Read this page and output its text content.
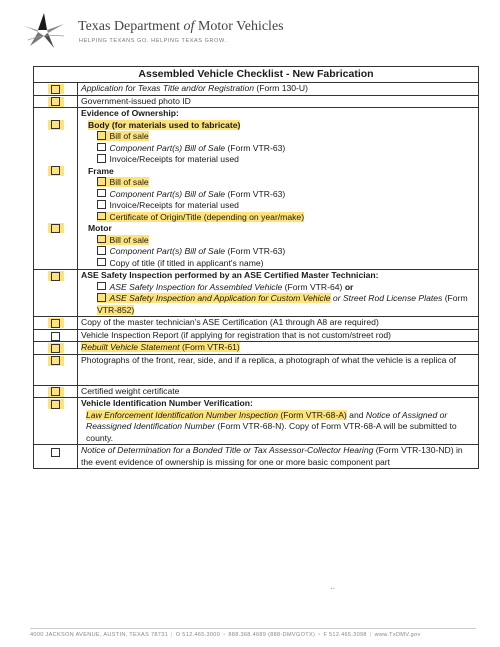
Texas Department of Motor Vehicles
HELPING TEXANS GO. HELPING TEXAS GROW.
Assembled Vehicle Checklist - New Fabrication
Application for Texas Title and/or Registration (Form 130-U)
Government-issued photo ID
Evidence of Ownership:
Body (for materials used to fabricate)
Bill of sale
Component Part(s) Bill of Sale (Form VTR-63)
Invoice/Receipts for material used
Frame
Bill of sale
Component Part(s) Bill of Sale (Form VTR-63)
Invoice/Receipts for material used
Certificate of Origin/Title (depending on year/make)
Motor
Bill of sale
Component Part(s) Bill of Sale (Form VTR-63)
Copy of title (if titled in applicant's name)
ASE Safety Inspection performed by an ASE Certified Master Technician:
ASE Safety Inspection for Assembled Vehicle (Form VTR-64) or
ASE Safety Inspection and Application for Custom Vehicle or Street Rod License Plates (Form
VTR-852)
Copy of the master technician's ASE Certification (A1 through A8 are required)
Vehicle Inspection Report (if applying for registration that is not custom/street rod)
Rebuilt Vehicle Statement (Form VTR-61)
Photographs of the front, rear, side, and if a replica, a photograph of what the vehicle is a replica of
Certified weight certificate
Vehicle Identification Number Verification:
Law Enforcement Identification Number Inspection (Form VTR-68-A) and Notice of Assigned or
Reassigned Identification Number (Form VTR-68-N). Copy of Form VTR-68-A will be submitted to
county.
Notice of Determination for a Bonded Title or Tax Assessor-Collector Hearing (Form VTR-130-ND) in
the event evidence of ownership is missing for one or more basic component part
··
4000 JACKSON AVENUE, AUSTIN, TEXAS 78731 | O 512.465.3000 • 888.368.4689 (888-DMVGOTX) • F 512.465.3098 | www.TxDMV.gov
